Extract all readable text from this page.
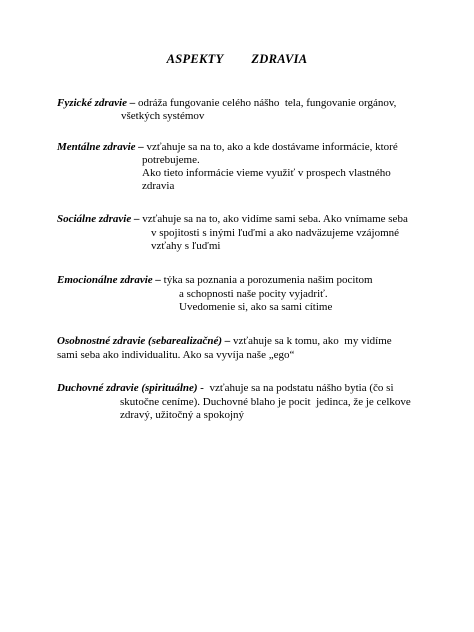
ASPEKTY   ZDRAVIA
Fyzické zdravie – odráža fungovanie celého nášho  tela, fungovanie orgánov,
všetkých systémov
Mentálne zdravie – vzťahuje sa na to, ako a kde dostávame informácie, ktoré
potrebujeme.
Ako tieto informácie vieme využiť v prospech vlastného
zdravia
Sociálne zdravie – vzťahuje sa na to, ako vidíme sami seba. Ako vnímame seba
v spojitosti s inými ľuďmi a ako nadväzujeme vzájomné
vzťahy s ľuďmi
Emocionálne zdravie – týka sa poznania a porozumenia našim pocitom
a schopnosti naše pocity vyjadriť.
Uvedomenie si, ako sa sami cítime
Osobnostné zdravie (sebarealizačné) – vzťahuje sa k tomu, ako  my vidíme
sami seba ako individualitu. Ako sa vyvíja naše „ego“
Duchovné zdravie (spirituálne) -  vzťahuje sa na podstatu nášho bytia (čo si
skutočne ceníme). Duchovné blaho je pocit  jedinca, že je celkove
zdravý, užitočný a spokojný
